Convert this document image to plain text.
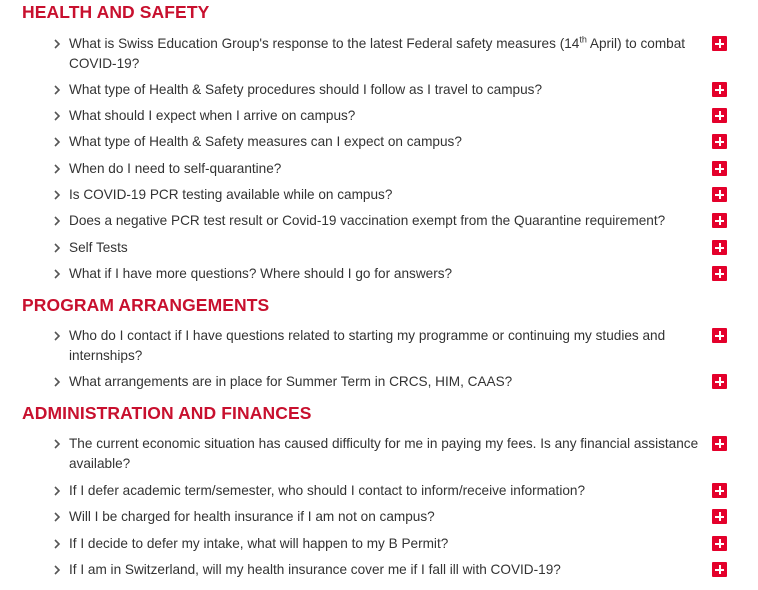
HEALTH AND SAFETY
What is Swiss Education Group's response to the latest Federal safety measures (14th April) to combat COVID-19?
What type of Health & Safety procedures should I follow as I travel to campus?
What should I expect when I arrive on campus?
What type of Health & Safety measures can I expect on campus?
When do I need to self-quarantine?
Is COVID-19 PCR testing available while on campus?
Does a negative PCR test result or Covid-19 vaccination exempt from the Quarantine requirement?
Self Tests
What if I have more questions? Where should I go for answers?
PROGRAM ARRANGEMENTS
Who do I contact if I have questions related to starting my programme or continuing my studies and internships?
What arrangements are in place for Summer Term in CRCS, HIM, CAAS?
ADMINISTRATION AND FINANCES
The current economic situation has caused difficulty for me in paying my fees. Is any financial assistance available?
If I defer academic term/semester, who should I contact to inform/receive information?
Will I be charged for health insurance if I am not on campus?
If I decide to defer my intake, what will happen to my B Permit?
If I am in Switzerland, will my health insurance cover me if I fall ill with COVID-19?
